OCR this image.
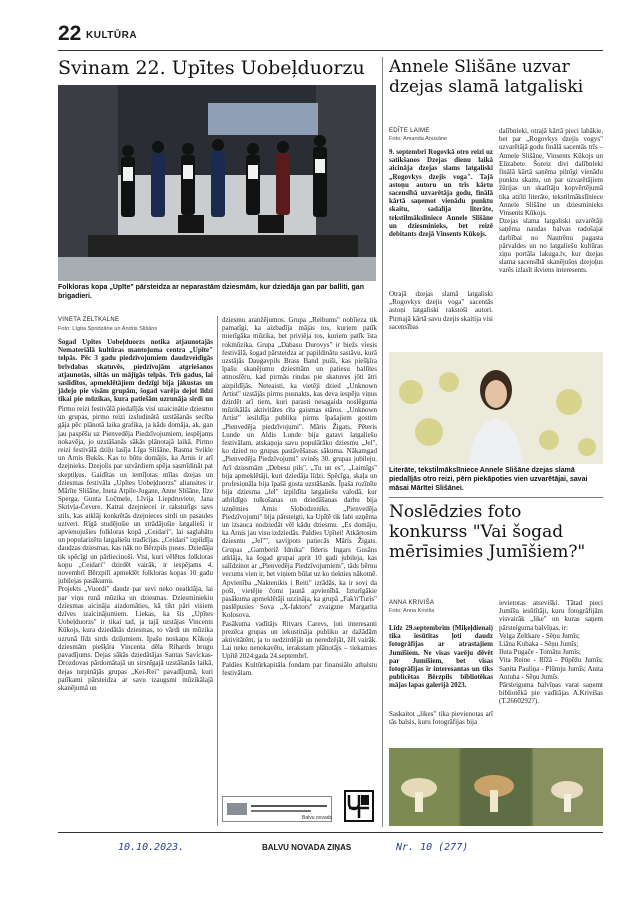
22 KULTŪRA
Svinam 22. Upītes Uobeļduorzu
Folkloras kopa „Upīte" pārsteidza ar neparastām dziesmām, kur dziedāja gan par balliti, gan brigadieri.
VINETA ZELTKALNE
Foto: Līgita Spridzāne un Andris Slišāns
Šogad Upītes Uobeļduorzs notika atjaunotajās Nemateriālā kultūras mantojuma centra „Upīte" telpās. Pēc 3 gadu piedzīvojumiem daudzveidīgās brīvdabas skatuvēs, piedzīvojām atgriešanos atjaunotās, siltās un mājīgās telpās. Trīs gadus, lai saslidītos, apmeklētājiem dedzīgi bija jākustas un jādejo pie visām grupām, šogad varēja dejot līdzi tikai pie mūzikas, kura patiešām uzrunāja sirdi un
Pirmo reizi festivālā piedalījās visi uzaicinātie dziesmu un grupas, pirmo reizi izsludinātā uzstāšanās secība gāja pēc plānotā laika grafika, ja kāds domāja, ak, gan jau paspēšu uz Pienvedēja Piedzīvojumiem, iespējams nokavēja, jo uzstāšanās sākās plānotajā laikā. Pirmo reizi festivālā dziļu lasīja Līga Slišāne, Rasma Svikle un Arnis Bukšs. Kas to būtu domājis, ka Arnis ir arī dzejnieks. Dzejolis par uzvārdiem spēja sasmīdināt pat skeptiķus. Gaidītas un iemīļotas mīlas dzejas un dziesmas festivāla „Upītes Uobeļduorzs" aliansites ir Mārīte Slišāne, Ineta Atpile-Jugane, Anne Slišāne, Ilze Sperga, Gunta Ločmele, Līvija Liepdruviete, Jana Skrivļa-Čevere. Katrai dzejniecei ir raksturīgs savs stils, kas atklāj konkrētās dzejnieces sirdi un pasaules uztveri. Rīgā studējošie un strādājošie latgalieši ir apvienojušies folkloras kopā „Ceidari", lai saglabātu un popularizētu latgaliešu tradīcijas. „Ceidari" izpildīja daudzas dziesmas, kas nāk no Bērzpils puses. Dziedāja tik spēcīgi un pārliecinoši. Visi, kuri vēlētos folkloras kopu „Ceidari" dzirdēt vairāk, ir iespējams 4. novembrī Bērzpilī apmeklēt folkloras kopas 10 gadu jubilejas pasākumu.
Projekts „Vuordi" daudz par sevi neko neatklāja, lai par viņu runā mūzika un dziesmas. Dziesminiekiu dziesmas aicināja aizdomāties, kā tikt pāri visiem dzīves izaicinājumiem. Liekas, ka šis „Upītes Uobeļduorzs" ir tikai tad, ja tajā uzstājas Vincents Kūkojs, kura dziedātās dziesmas, to vārdi un mūzika uzrunā līdz sirds dziļumiem. Ipašu noskaņu Kūkoja dziesmām piešķīra Vincenta dēla Rihards brugu pavadījums. Dejas sākās dziedātājas Santas Savickas-Drozdovas pārdomātajā un sirsnīgajā uzstāšanās laikā, dejas turpinājās grupas „Kei-Rei" pavadījumā, kuri patīkami pārsteidza ar savu izaugsmi mūzikālajā skanējumā un
dziesmu aranžējumos. Grupa „Reibums" nobīieza tik pamatīgi, ka aizbadīja mājas tos, kuriem patīk mierīgāka mūzika, bet priviēja tos, kuriem patīk īsta rokmūzika. Grupa „Dabasu Durovys" ir biežs viesis festivālā, šogad pārsteidza ar papildinātu sastāvu, kurā uzstājās Daugavpils Brass Band puiši, kas piešķīra īpašu skanējumu dziesmām un patiesu ballītes atmosfēru, kad pirmās rindas pie skatuves jōti ātri aizpildījās. Neteaisti, ka vietēji dzied „Unknown Artist" uzstājās pirms pusnakts, kas deva iespēju viņus dzirdēt arī tiem, kuri parasti nesagaida noslēguma mūzikālās aktivitātes rīta gaismas stāros. „Unknown Artist" iesildīja publiku pirms īpašajiem gostim „Pienvedēja piedzīvojumi". Māris Žigats, Pēteris Lunde un Aldis Lunde bija gatavi latgaliešu festivālam, atskaņoja savu populārāko dziesmu „Jel", ko dzied no grupas pastāvēšanas sākuma. Nākamgad „Pienvedēja Piedzīvojumi" svinēs 30. grupas jubileju. Arī dziesmām „Debesu pils", „Tu un es", „Laimīgs" bija apmeklētāji, kuri dziedāja līdzi. Spēcīga, skaļa un profesionāla bija īpašā gosta uzstāšanās. Īpaša rozīnīte bija dziesma „Jel" izpildīta latgaliešu valodā, kur atbildīgo tulkošanas un dziedāšanas darbu bija uzņēmies Arnis Slobodzeniks. „Pienvedēja Piedzīvojumi" bija pārsteigti, ka Upītē tik labi uzņēma un izsauca nodziedāt vēl kādu dziesmu. „Es domāju, ka Arnis jau visu izdziedās. Paldies Upītei! Atkārtosim dziesmu „Jel"", savijpots patiecās Māris Žigats. Grupas „Gamberiž Idnika" līderis Ingars Gusāns atklāja, ka šogad grupai aprit 10 gadi jubileja, kas salīdzinot ar „Pienvedēja Piedzīvojumiem", tāds bērnu vecums vien ir, bet viņiem būlat uz ko tiekties nākotnē. Apvienība „Naktenikis i Reiti" izrādās, ka ir sovi da poši, vietējie čomi jaunā apvienībā. Izturīgākie pasākuma apmeklētāji uzzināja, ka grupā „Fak'n'Turis" paslēpusies Sova „X-faktors" zvaigzne Margarita Kolosova.
Pasākuma vadītājs Ritvars Carevs, ļoti interesanti prezēca grupas un iekustināja publiku ar dažādām aktivitātēm, ja to nedzirdējāt un neredzējāt, žēl vairāk. Lai neko nenokavētu, ierakstam plānotājs – tiekamies Upītē 2024.gada 24.septembrī.
Paldies Kultūrkapitāla fondam par finansiālo atbalstu festivālam.
Balvu novads
Annele Slišāne uzvar dzejas slamā latgaliski
EDĪTE LAIME
Foto: Amanda Anusāne
9. septembrī Rogovkā otro reizi uz satikšanos Dzejas dienu laikā aicināja dzejas slams latgaliski „Rogovkys dzejis voga". Tajā astoņu autoru un trīs kārtu sacensībā uzvarētāja godu, finālā kārtā saņemot vienādu punktu skaitu, sadalīja literāte, tekstilmākslīniece Annele Slišāne un dziesminieks, bet reizē debitants dzejā Vinsents Kūkojs.
Otrajā dzejas slamā latgaliski „Rogovkys dzejis voga" sacentās astoņi latgaliski rakstoši autori. Pirmajā kārtā savu dzejis skaitija visi sacensības
dalībnieki, otrajā kārtā pieci labākie, bet par „Rogovkys dzejis vogys" uzvarētājā godu finālā sacentās trīs – Annele Slišāne, Vinsents Kūkojs un Elizabete. Šoreiz divi dalībnieki finālā kārtā saņēma pilnīgi vienādu punktu skaitu, un par uzvarētājiem žūrijas un skatītāju kopvērtējumā tika atzīti literāte, tekstilmākslīniece Annele Slišāne un dziesminieks Vinsents Kūkojs.
Dzejas slama latgaliski uzvarētāji saņēma naudas balvas radošajai darbībai no Nautrēnu pagasta pārvaldes un no latgaliešu kultūras ziņu portāla lakuga.lv, kur dzejas slama sacensībā skanējušos dzejoļus varēs izlasīt ikviens interesents.
Literāte, tekstilmākslīniece Annele Slišāne dzejas slamā piedalījās otro reizi, pērn piekāpoties vien uzvarētājai, savai māsai Mārītei Slišānei.
Noslēdzies foto konkurss "Vai šogad mērīsimies Jumīšiem?"
ANNA KRIVIŠA
Foto: Anna Kriviša
Līdz 29.septembrim (Miķeļdienai) tika iesūtītas ļoti daudz fotogrāfijas ar atrastajiem Jumīšiem. Ne visas varēju dēvēt par Jumīšiem, bet visas fotogrāfijas ir interesantas un tiks publicētas Bērzpils bibliotēkas mājas lapas galerijā 2023.
Saskaitot „likes" tika pievienotas arī tās balsis, kuru fotogrāfijas bija
ievietotas atsevišķi. Tātad pieci Jumīšu iesūtītāji, kuru fotogrāfijām visvairāk „like" un kuras saņem pārsteiguma balvīņas, ir:
Velga Zeltkare - Sēņu Jumīs;
Liāna Kubaka - Sēņu Jumīs;
Iluta Pugače - Tomātu Jumīs;
Vita Reine - Rīžā - Pūpēžu Jumīs; Sanita Pauliņa - Plūmju Jumīs; Anita Antuha - Sēņu Jumīs.
Pārsteiguma balvīņas varat saņemt bibliotēkā pie vadītājas A.Krivišas (T.26602927).
10.10.2023.	BALVU NOVADA ZIŅAS	Nr. 10 (277)
